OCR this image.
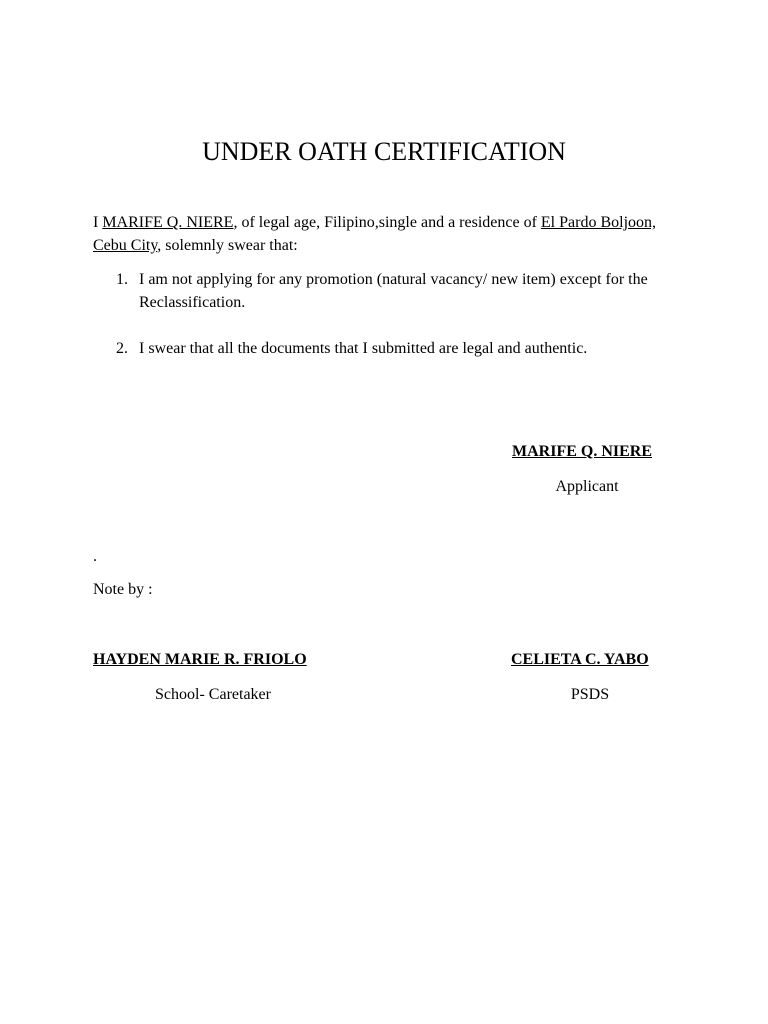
UNDER OATH CERTIFICATION
I MARIFE Q. NIERE, of legal age, Filipino,single and a residence of El Pardo Boljoon, Cebu City, solemnly swear that:
1. I am not applying for any promotion (natural vacancy/ new item) except for the Reclassification.
2. I swear that all the documents that I submitted are legal and authentic.
MARIFE Q. NIERE
Applicant
.
Note by :
HAYDEN MARIE R. FRIOLO
School- Caretaker
CELIETA C. YABO
PSDS
